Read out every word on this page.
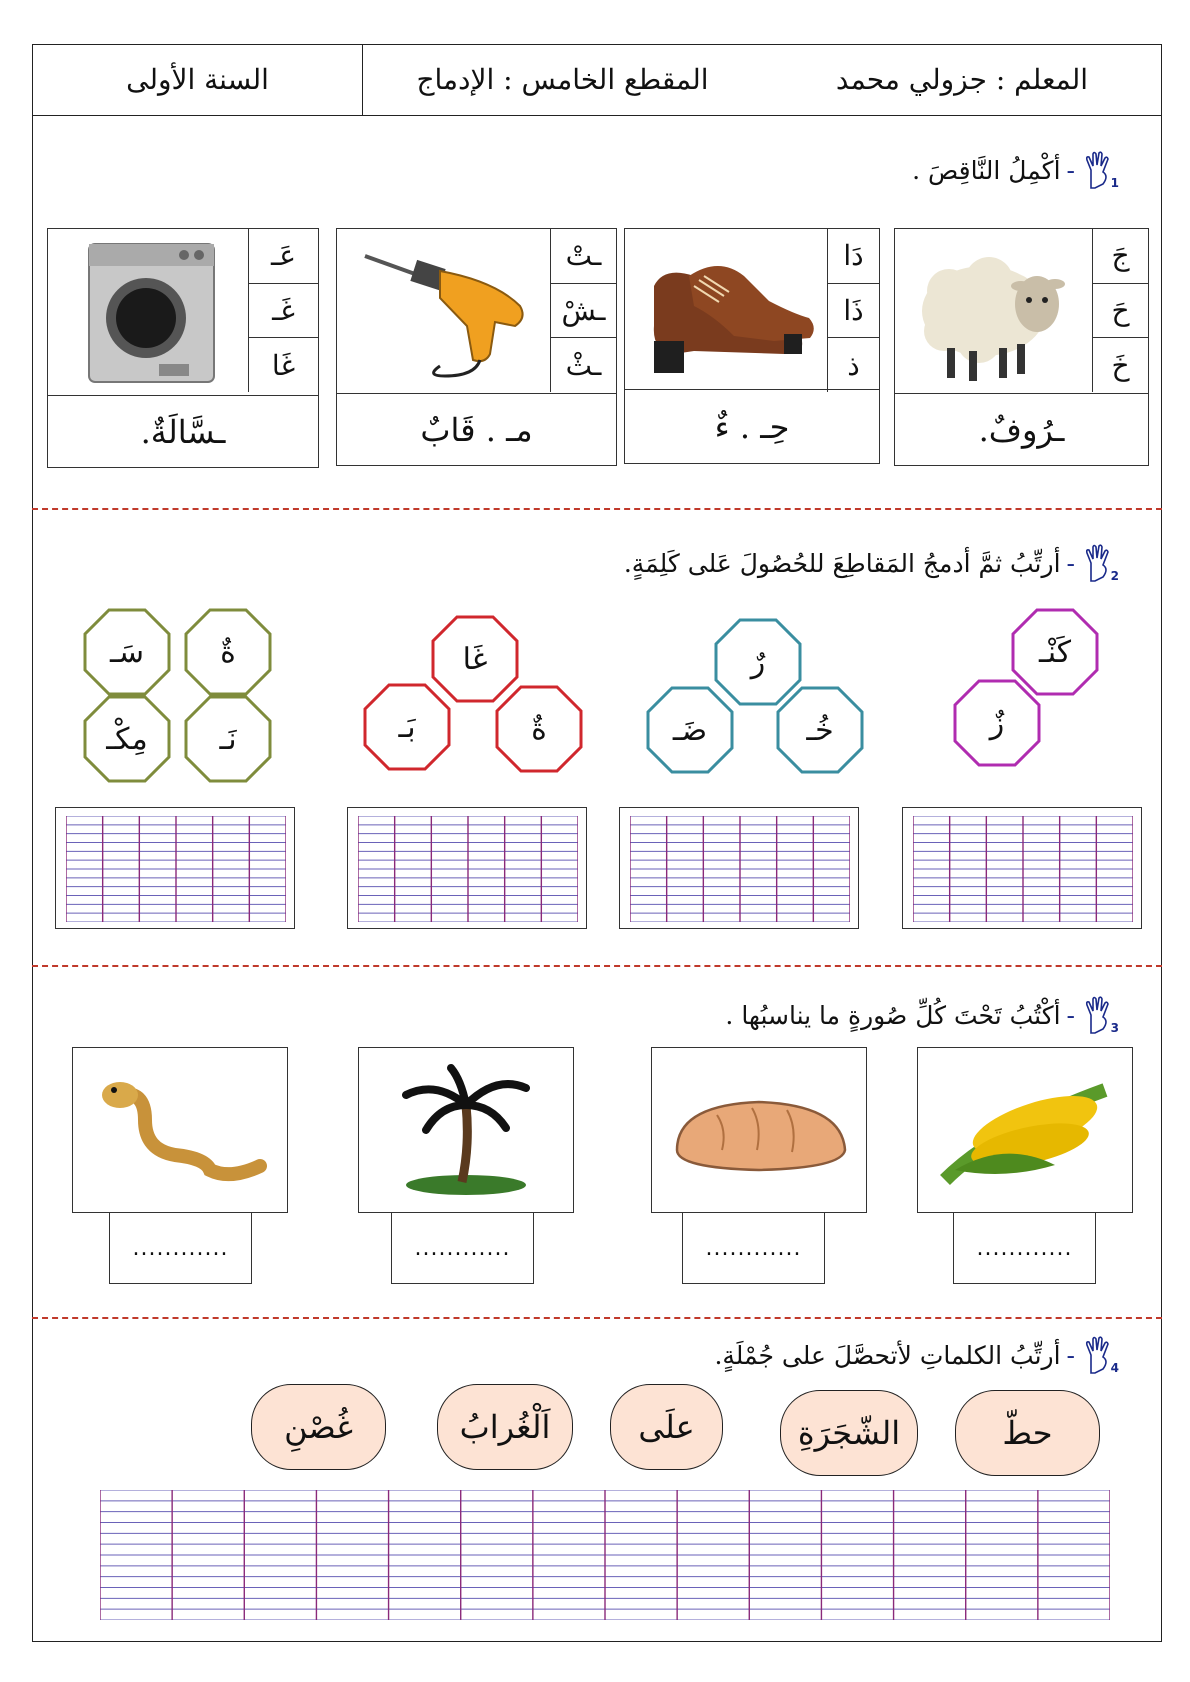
المعلم : جزولي محمد
المقطع الخامس : الإدماج
السنة الأولى
1
-
أكْمِلُ النَّاقِصَ .
جَ
حَ
خَ
ـرُوفٌ.
دَا
ذَا
ذ
حِـ . ءٌ
ـتْ
ـشْ
ـثْ
مـ . قَابٌ
عَـ
غَـ
غَا
ـسَّالَةٌ.
2
-
أرتِّبُ ثمَّ أدمجُ المَقاطِعَ للحُصُولَ عَلى كَلِمَةٍ.
كَنْـ
زٌ
رٌ
ضَـ	خُـ
غَا
بَـ	ةٌ
ةٌ
سَـ
نَـ
مِكْـ
3
-
أكْتُبُ تَحْتَ كُلِّ صُورةٍ ما يناسبُها .
............
............
............
............
4
-
أرتِّبُ الكلماتِ لأتحصَّلَ على جُمْلَةٍ.
حطّ
الشّجَرَةِ
علَى
اَلْغُرابُ
غُصْنِ
